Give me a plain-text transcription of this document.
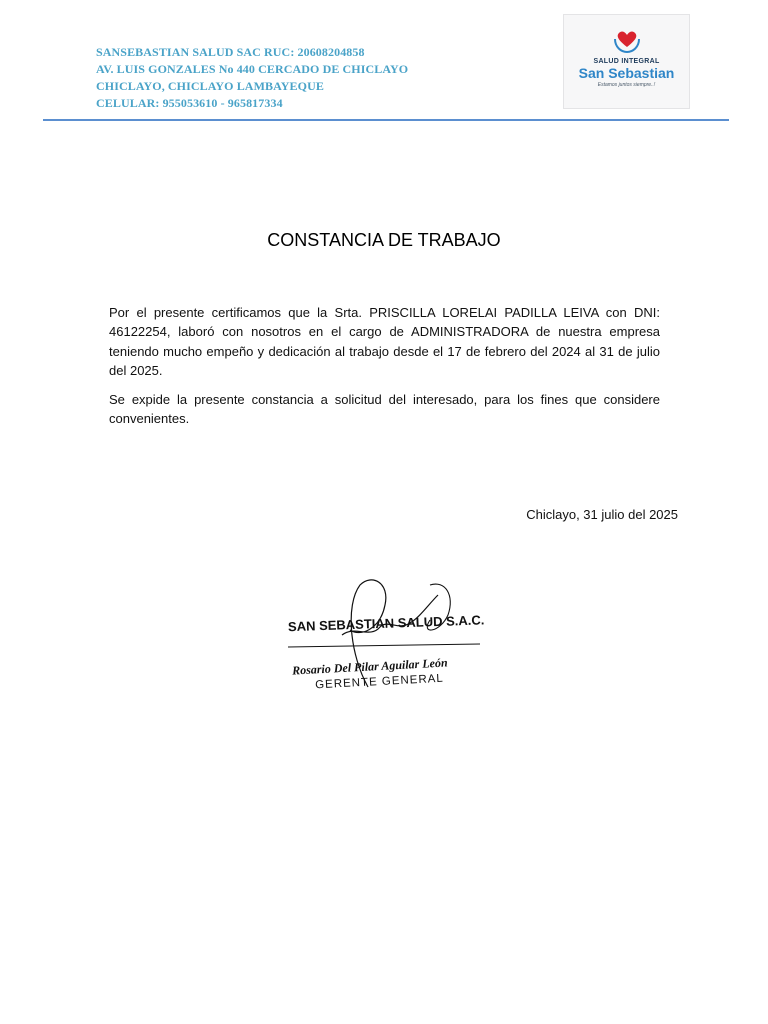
SANSEBASTIAN SALUD SAC RUC: 20608204858
AV. LUIS GONZALES No 440 CERCADO DE CHICLAYO
CHICLAYO, CHICLAYO LAMBAYEQUE
CELULAR: 955053610 - 965817334
SALUD INTEGRAL
San Sebastian
Estamos juntos siempre..!
CONSTANCIA DE TRABAJO
Por el presente certificamos que la Srta. PRISCILLA LORELAI PADILLA LEIVA con DNI: 46122254, laboró con nosotros en el cargo de ADMINISTRADORA de nuestra empresa teniendo mucho empeño y dedicación al trabajo desde el 17 de febrero del 2024 al 31 de julio del 2025.
Se expide la presente constancia a solicitud del interesado, para los fines que considere convenientes.
Chiclayo, 31 julio del 2025
SAN SEBASTIAN SALUD S.A.C.
Rosario Del Pilar Aguilar León
GERENTE GENERAL
